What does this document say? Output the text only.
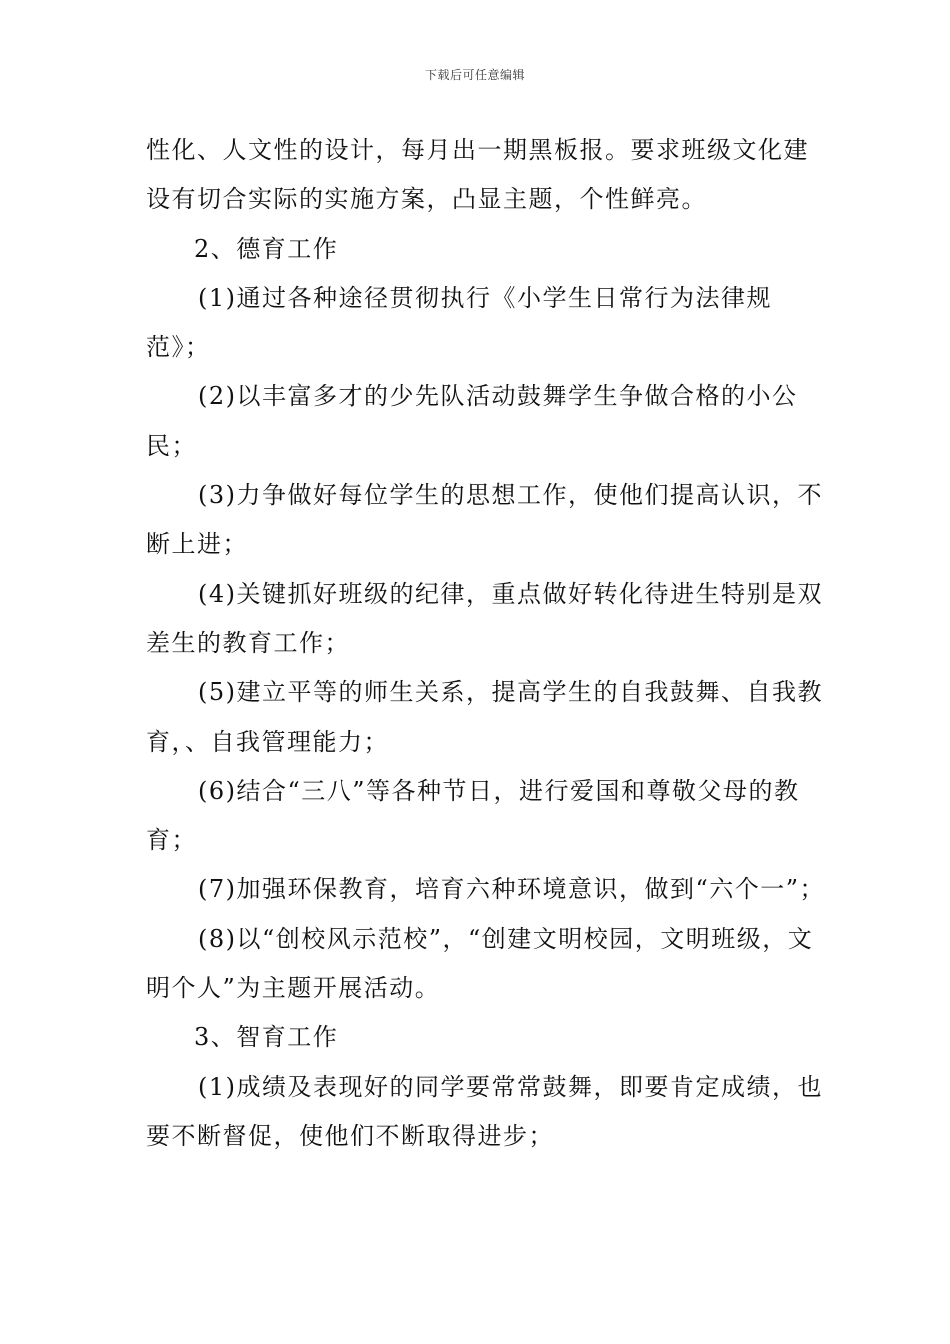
下载后可任意编辑

性化、人文性的设计，每月出一期黑板报。要求班级文化建设有切合实际的实施方案，凸显主题，个性鲜亮。

2、德育工作

(1)通过各种途径贯彻执行《小学生日常行为法律规范》；

(2)以丰富多才的少先队活动鼓舞学生争做合格的小公民；

(3)力争做好每位学生的思想工作，使他们提高认识，不断上进；

(4)关键抓好班级的纪律，重点做好转化待进生特别是双差生的教育工作；

(5)建立平等的师生关系，提高学生的自我鼓舞、自我教育，、自我管理能力；

(6)结合“三八”等各种节日，进行爱国和尊敬父母的教育；

(7)加强环保教育，培育六种环境意识，做到“六个一”；

(8)以“创校风示范校”，“创建文明校园，文明班级，文明个人”为主题开展活动。

3、智育工作

(1)成绩及表现好的同学要常常鼓舞，即要肯定成绩，也要不断督促，使他们不断取得进步；
